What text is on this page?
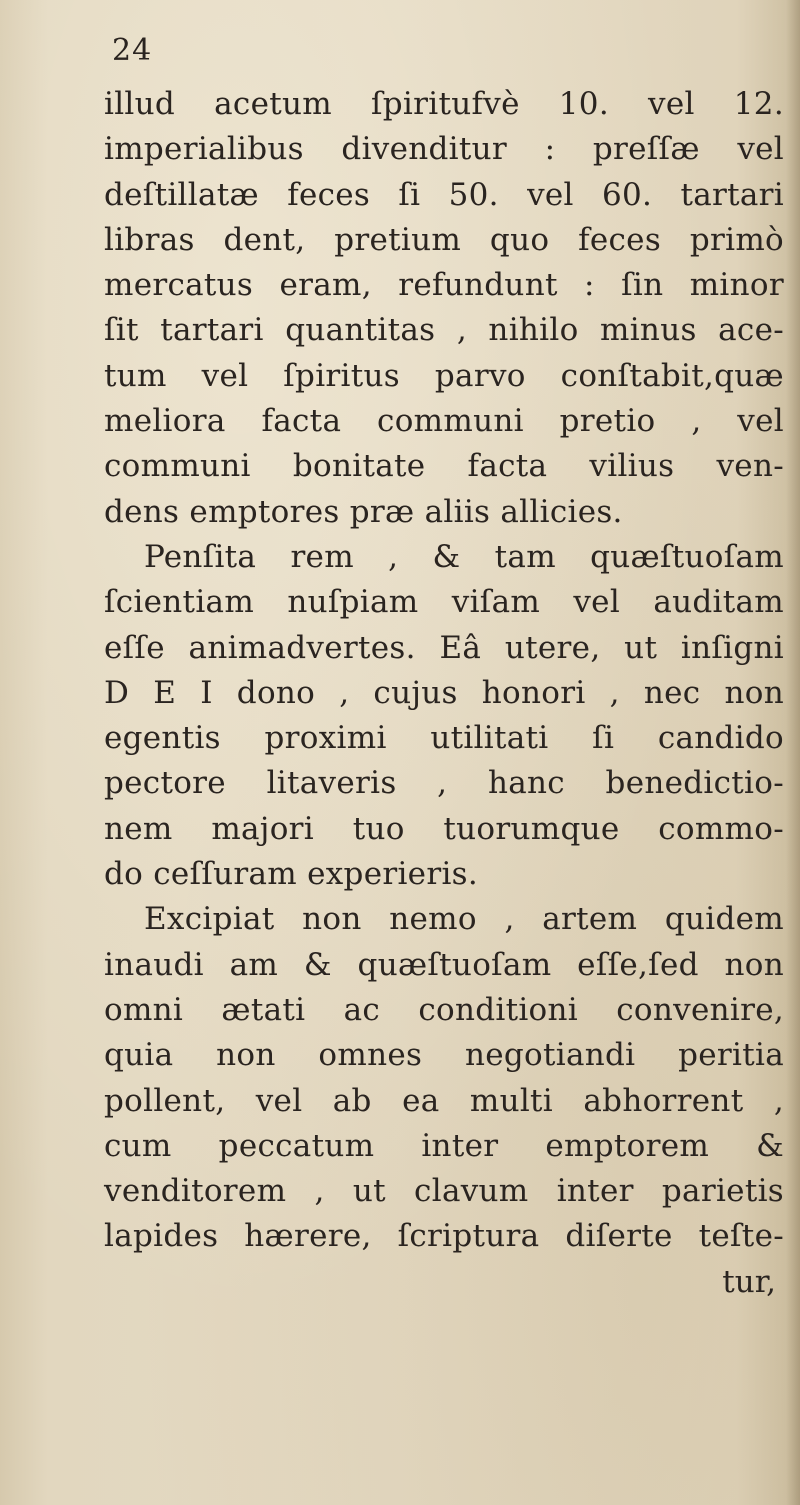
24
illud acetum ſpiritufvè 10. vel 12.
imperialibus divenditur : preſſæ vel
deſtillatæ feces ſi 50. vel 60. tartari
libras dent, pretium quo feces primò
mercatus eram, refundunt : ſin minor
ſit tartari quantitas , nihilo minus ace-
tum vel ſpiritus parvo conſtabit,quæ
meliora facta communi pretio , vel
communi bonitate facta vilius ven-
dens emptores præ aliis allicies.
Penſita rem , & tam quæſtuoſam
ſcientiam nuſpiam viſam vel auditam
eſſe animadvertes. Eâ utere, ut inſigni
D E I dono , cujus honori , nec non
egentis proximi utilitati ſi candido
pectore litaveris , hanc benedictio-
nem majori tuo tuorumque commo-
do ceſſuram experieris.
Excipiat non nemo , artem quidem
inaudi am & quæſtuoſam eſſe,ſed non
omni ætati ac conditioni convenire,
quia non omnes negotiandi peritia
pollent, vel ab ea multi abhorrent ,
cum peccatum inter emptorem &
venditorem , ut clavum inter parietis
lapides hærere, ſcriptura diſerte teſte-
tur,
